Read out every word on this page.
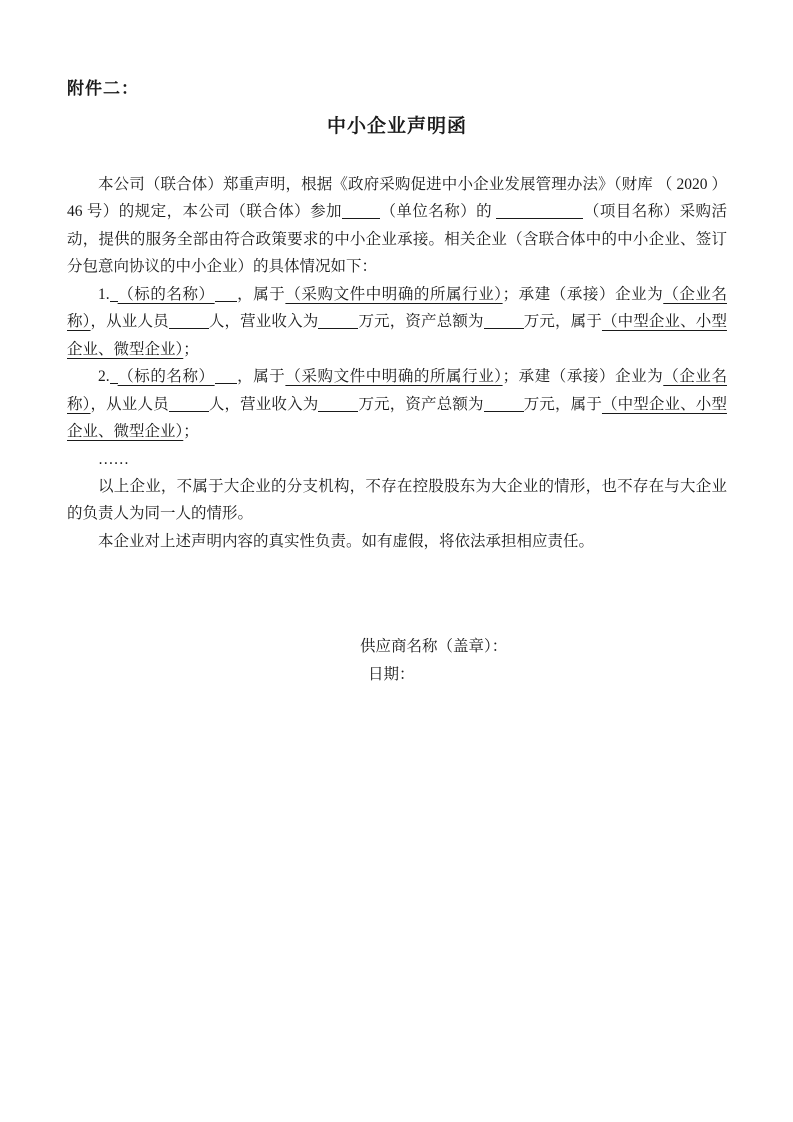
附件二：
中小企业声明函

本公司（联合体）郑重声明，根据《政府采购促进中小企业发展管理办法》（财库 （ 2020 ）46 号）的规定，本公司（联合体）参加 （单位名称）的	（项目名称）采购活动，提供的服务全部由符合政策要求的中小企业承接。相关企业（含联合体中的中小企业、签订分包意向协议的中小企业）的具体情况如下：

1. （标的名称） ，属于（采购文件中明确的所属行业）；承建（承接）企业为（企业名称），从业人员	人，营业收入为	万元，资产总额为	万元，属于（中型企业、小型企业、微型企业）；

2. （标的名称） ，属于（采购文件中明确的所属行业）；承建（承接）企业为（企业名称），从业人员	人，营业收入为	万元，资产总额为	万元，属于（中型企业、小型企业、微型企业）；

……

以上企业，不属于大企业的分支机构，不存在控股股东为大企业的情形，也不存在与大企业的负责人为同一人的情形。

本企业对上述声明内容的真实性负责。如有虚假，将依法承担相应责任。

供应商名称（盖章）：
日期：
